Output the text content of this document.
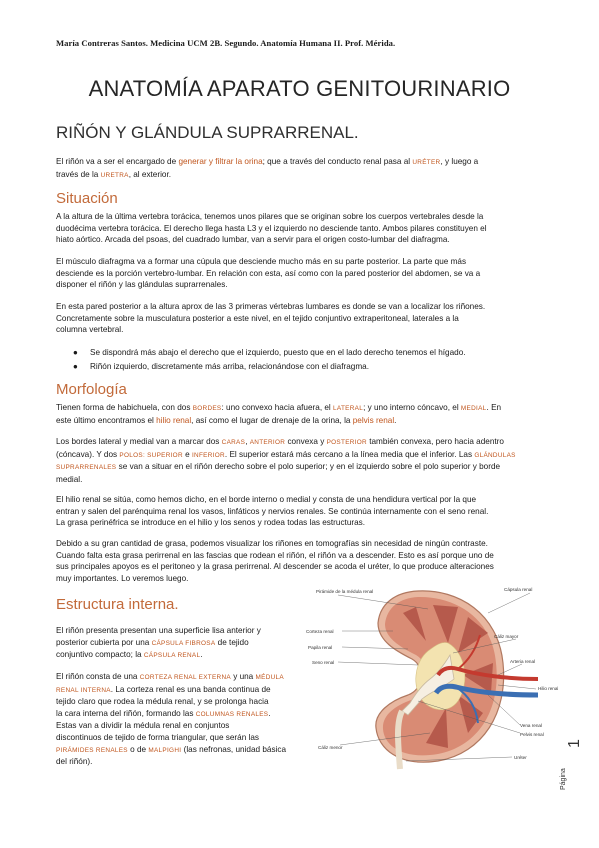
María Contreras Santos. Medicina UCM 2B. Segundo. Anatomía Humana II. Prof. Mérida.
ANATOMÍA APARATO GENITOURINARIO
RIÑÓN Y GLÁNDULA SUPRARRENAL.
El riñón va a ser el encargado de generar y filtrar la orina; que a través del conducto renal pasa al URÉTER, y luego a
través de la URETRA, al exterior.
Situación
A la altura de la última vertebra torácica, tenemos unos pilares que se originan sobre los cuerpos vertebrales desde la
duodécima vertebra torácica. El derecho llega hasta L3 y el izquierdo no desciende tanto. Ambos pilares constituyen el
hiato aórtico. Arcada del psoas, del cuadrado lumbar, van a servir para el origen costo-lumbar del diafragma.
El músculo diafragma va a formar una cúpula que desciende mucho más en su parte posterior. La parte que más
desciende es la porción vertebro-lumbar. En relación con esta, así como con la pared posterior del abdomen, se va a
disponer el riñón y las glándulas suprarrenales.
En esta pared posterior a la altura aprox de las 3 primeras vértebras lumbares es donde se van a localizar los riñones.
Concretamente sobre la musculatura posterior a este nivel, en el tejido conjuntivo extraperitoneal, laterales a la
columna vertebral.
● Se dispondrá más abajo el derecho que el izquierdo, puesto que en el lado derecho tenemos el hígado.
● Riñón izquierdo, discretamente más arriba, relacionándose con el diafragma.
Morfología
Tienen forma de habichuela, con dos BORDES: uno convexo hacia afuera, el LATERAL; y uno interno cóncavo, el MEDIAL. En
este último encontramos el hilio renal, así como el lugar de drenaje de la orina, la pelvis renal.
Los bordes lateral y medial van a marcar dos CARAS, ANTERIOR convexa y POSTERIOR también convexa, pero hacia adentro
(cóncava). Y dos POLOS: SUPERIOR e INFERIOR. El superior estará más cercano a la línea media que el inferior. Las GLÁNDULAS
SUPRARRENALES se van a situar en el riñón derecho sobre el polo superior; y en el izquierdo sobre el polo superior y borde
medial.
El hilio renal se sitúa, como hemos dicho, en el borde interno o medial y consta de una hendidura vertical por la que
entran y salen del parénquima renal los vasos, linfáticos y nervios renales. Se continúa internamente con el seno renal.
La grasa perinéfrica se introduce en el hilio y los senos y rodea todas las estructuras.
Debido a su gran cantidad de grasa, podemos visualizar los riñones en tomografías sin necesidad de ningún contraste.
Cuando falta esta grasa perirrenal en las fascias que rodean el riñón, el riñón va a descender. Esto es así porque uno de
sus principales apoyos es el peritoneo y la grasa perirrenal. Al descender se acoda el uréter, lo que produce alteraciones
muy importantes. Lo veremos luego.
Estructura interna.
El riñón presenta presentan una superficie lisa anterior y
posterior cubierta por una CÁPSULA FIBROSA de tejido
conjuntivo compacto; la CÁPSULA RENAL.
El riñón consta de una CORTEZA RENAL EXTERNA y una MÉDULA
RENAL INTERNA. La corteza renal es una banda continua de
tejido claro que rodea la médula renal, y se prolonga hacia
la cara interna del riñón, formando las COLUMNAS RENALES.
Estas van a dividir la médula renal en conjuntos
discontinuos de tejido de forma triangular, que serán las
PIRÁMIDES RENALES o de MALPIGHI (las nefronas, unidad básica
del riñón).
Pirámide de la médula renal	Cápsula renal
Corteza renal
Papila renal
Seno renal
Cáliz mayor
Arteria renal
Hilio renal
Vena renal
Pelvis renal
Cáliz menor
Uréter
1
Página
